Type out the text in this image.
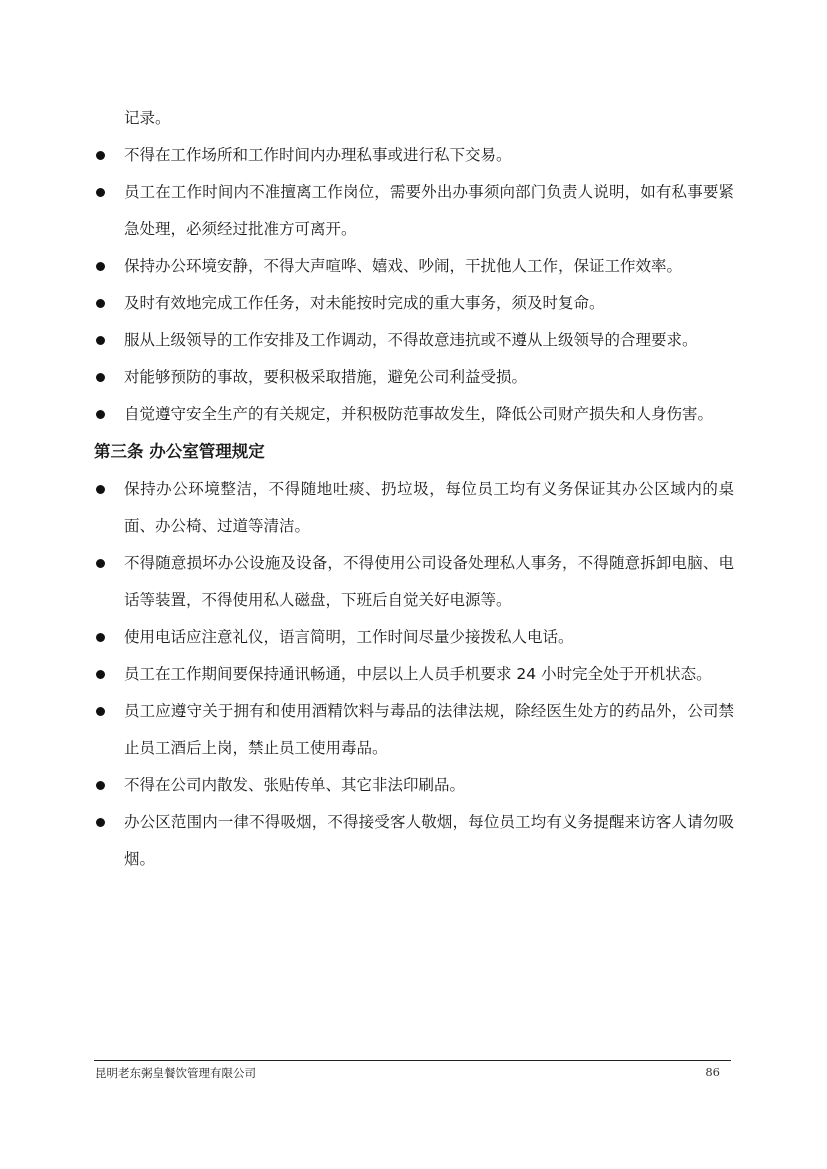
记录。
不得在工作场所和工作时间内办理私事或进行私下交易。
员工在工作时间内不准擅离工作岗位，需要外出办事须向部门负责人说明，如有私事要紧急处理，必须经过批准方可离开。
保持办公环境安静，不得大声喧哗、嬉戏、吵闹，干扰他人工作，保证工作效率。
及时有效地完成工作任务，对未能按时完成的重大事务，须及时复命。
服从上级领导的工作安排及工作调动，不得故意违抗或不遵从上级领导的合理要求。
对能够预防的事故，要积极采取措施，避免公司利益受损。
自觉遵守安全生产的有关规定，并积极防范事故发生，降低公司财产损失和人身伤害。
第三条 办公室管理规定
保持办公环境整洁，不得随地吐痰、扔垃圾，每位员工均有义务保证其办公区域内的桌面、办公椅、过道等清洁。
不得随意损坏办公设施及设备，不得使用公司设备处理私人事务，不得随意拆卸电脑、电话等装置，不得使用私人磁盘，下班后自觉关好电源等。
使用电话应注意礼仪，语言简明，工作时间尽量少接拨私人电话。
员工在工作期间要保持通讯畅通，中层以上人员手机要求 24 小时完全处于开机状态。
员工应遵守关于拥有和使用酒精饮料与毒品的法律法规，除经医生处方的药品外，公司禁止员工酒后上岗，禁止员工使用毒品。
不得在公司内散发、张贴传单、其它非法印刷品。
办公区范围内一律不得吸烟，不得接受客人敬烟，每位员工均有义务提醒来访客人请勿吸烟。
昆明老东粥皇餐饮管理有限公司	86
